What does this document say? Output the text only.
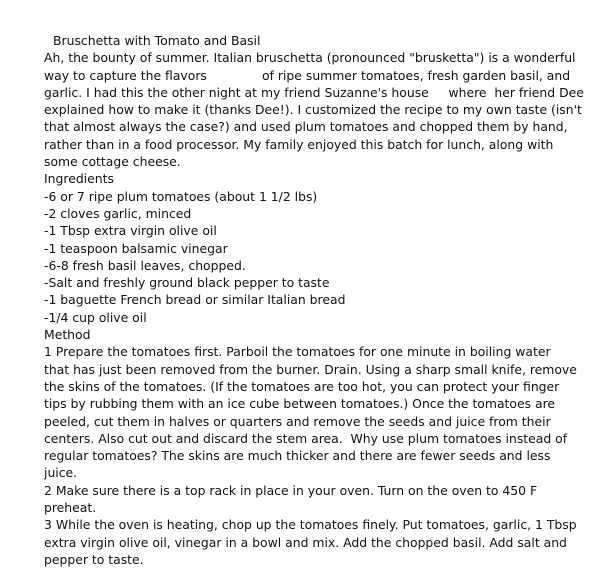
Bruschetta with Tomato and Basil
Ah, the bounty of summer. Italian bruschetta (pronounced "brusketta") is a wonderful
way to capture the flavors              of ripe summer tomatoes, fresh garden basil, and
garlic. I had this the other night at my friend Suzanne's house     where  her friend Dee
explained how to make it (thanks Dee!). I customized the recipe to my own taste (isn't
that almost always the case?) and used plum tomatoes and chopped them by hand,
rather than in a food processor. My family enjoyed this batch for lunch, along with
some cottage cheese.
Ingredients
-6 or 7 ripe plum tomatoes (about 1 1/2 lbs)
-2 cloves garlic, minced
-1 Tbsp extra virgin olive oil
-1 teaspoon balsamic vinegar
-6-8 fresh basil leaves, chopped.
-Salt and freshly ground black pepper to taste
-1 baguette French bread or similar Italian bread
-1/4 cup olive oil
Method
1 Prepare the tomatoes first. Parboil the tomatoes for one minute in boiling water
that has just been removed from the burner. Drain. Using a sharp small knife, remove
the skins of the tomatoes. (If the tomatoes are too hot, you can protect your finger
tips by rubbing them with an ice cube between tomatoes.) Once the tomatoes are
peeled, cut them in halves or quarters and remove the seeds and juice from their
centers. Also cut out and discard the stem area.  Why use plum tomatoes instead of
regular tomatoes? The skins are much thicker and there are fewer seeds and less
juice.
2 Make sure there is a top rack in place in your oven. Turn on the oven to 450 F
preheat.
3 While the oven is heating, chop up the tomatoes finely. Put tomatoes, garlic, 1 Tbsp
extra virgin olive oil, vinegar in a bowl and mix. Add the chopped basil. Add salt and
pepper to taste.
